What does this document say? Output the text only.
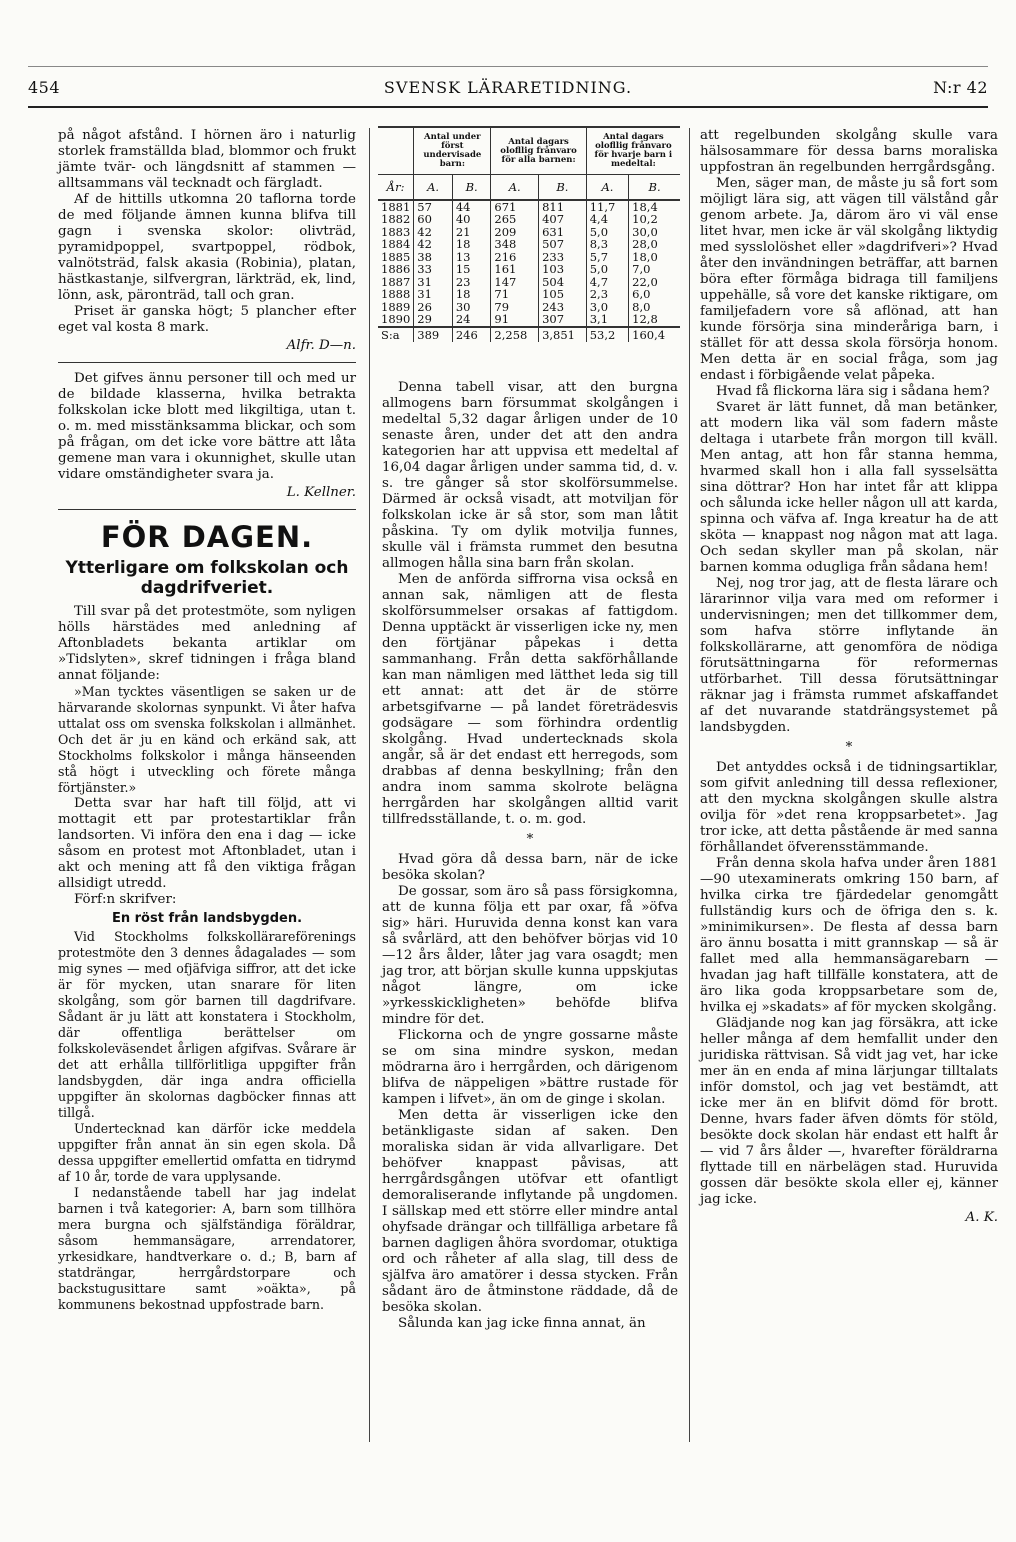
454	SVENSK LÄRARETIDNING.	N:r 42

på något afstånd. I hörnen äro i naturlig storlek framställda blad, blommor och frukt jämte tvär- och längdsnitt af stammen — alltsammans väl tecknadt och färgladt.

Af de hittills utkomna 20 taflorna torde de med följande ämnen kunna blifva till gagn i svenska skolor: olivträd, pyramidpoppel, svartpoppel, rödbok, valnötsträd, falsk akasia (Robinia), platan, hästkastanje, silfvergran, lärkträd, ek, lind, lönn, ask, päronträd, tall och gran.

Priset är ganska högt; 5 plancher efter eget val kosta 8 mark.

Alfr. D—n.

Det gifves ännu personer till och med ur de bildade klasserna, hvilka betrakta folkskolan icke blott med likgiltiga, utan t. o. m. med misstänksamma blickar, och som på frågan, om det icke vore bättre att låta gemene man vara i okunnighet, skulle utan vidare omständigheter svara ja.

L. Kellner.
FÖR DAGEN.
Ytterligare om folkskolan och dagdrifveriet.

Till svar på det protestmöte, som nyligen hölls härstädes med anledning af Aftonbladets bekanta artiklar om »Tidslyten», skref tidningen i fråga bland annat följande:

»Man tycktes väsentligen se saken ur de härvarande skolornas synpunkt. Vi åter hafva uttalat oss om svenska folkskolan i allmänhet. Och det är ju en känd och erkänd sak, att Stockholms folkskolor i många hänseenden stå högt i utveckling och förete många förtjänster.»

Detta svar har haft till följd, att vi mottagit ett par protestartiklar från landsorten. Vi införa den ena i dag — icke såsom en protest mot Aftonbladet, utan i akt och mening att få den viktiga frågan allsidigt utredd.

Förf:n skrifver:

En röst från landsbygden.

Vid Stockholms folkskollärareförenings protestmöte den 3 dennes ådagalades — som mig synes — med ofjäfviga siffror, att det icke är för mycken, utan snarare för liten skolgång, som gör barnen till dagdrifvare. Sådant är ju lätt att konstatera i Stockholm, där offentliga berättelser om folkskoleväsendet årligen afgifvas. Svårare är det att erhålla tillförlitliga uppgifter från landsbygden, där inga andra officiella uppgifter än skolornas dagböcker finnas att tillgå.

Undertecknad kan därför icke meddela uppgifter från annat än sin egen skola. Då dessa uppgifter emellertid omfatta en tidrymd af 10 år, torde de vara upplysande.

I nedanstående tabell har jag indelat barnen i två kategorier: A, barn som tillhöra mera burgna och själfständiga föräldrar, såsom hemmansägare, arrendatorer, yrkesidkare, handtverkare o. d.; B, barn af statdrängar, herrgårdstorpare och backstugusittare samt »oäkta», på kommunens bekostnad uppfostrade barn.

	Antal under först undervisade barn:		Antal dagars olofllig frånvaro för alla barnen:		Antal dagars olofllig frånvaro för hvarje barn i medeltal:	
År:	A.	B.	A.	B.	A.	B.
1881	57	44	671	811	11,7	18,4
1882	60	40	265	407	4,4	10,2
1883	42	21	209	631	5,0	30,0
1884	42	18	348	507	8,3	28,0
1885	38	13	216	233	5,7	18,0
1886	33	15	161	103	5,0	7,0
1887	31	23	147	504	4,7	22,0
1888	31	18	71	105	2,3	6,0
1889	26	30	79	243	3,0	8,0
1890	29	24	91	307	3,1	12,8
S:a	389	246	2,258	3,851	53,2	160,4

Denna tabell visar, att den burgna allmogens barn försummat skolgången i medeltal 5,32 dagar årligen under de 10 senaste åren, under det att den andra kategorien har att uppvisa ett medeltal af 16,04 dagar årligen under samma tid, d. v. s. tre gånger så stor skolförsummelse. Därmed är också visadt, att motviljan för folkskolan icke är så stor, som man låtit påskina. Ty om dylik motvilja funnes, skulle väl i främsta rummet den besutna allmogen hålla sina barn från skolan.

Men de anförda siffrorna visa också en annan sak, nämligen att de flesta skolförsummelser orsakas af fattigdom. Denna upptäckt är visserligen icke ny, men den förtjänar påpekas i detta sammanhang. Från detta sakförhållande kan man nämligen med lätthet leda sig till ett annat: att det är de större arbetsgifvarne — på landet företrädesvis godsägare — som förhindra ordentlig skolgång. Hvad undertecknads skola angår, så är det endast ett herregods, som drabbas af denna beskyllning; från den andra inom samma skolrote belägna herrgården har skolgången alltid varit tillfredsställande, t. o. m. god.

*

Hvad göra då dessa barn, när de icke besöka skolan?

De gossar, som äro så pass försigkomna, att de kunna följa ett par oxar, få »öfva sig» häri. Huruvida denna konst kan vara så svårlärd, att den behöfver börjas vid 10—12 års ålder, låter jag vara osagdt; men jag tror, att början skulle kunna uppskjutas något längre, om icke »yrkesskickligheten» behöfde blifva mindre för det.

Flickorna och de yngre gossarne måste se om sina mindre syskon, medan mödrarna äro i herrgården, och därigenom blifva de näppeligen »bättre rustade för kampen i lifvet», än om de ginge i skolan.

Men detta är visserligen icke den betänkligaste sidan af saken. Den moraliska sidan är vida allvarligare. Det behöfver knappast påvisas, att herrgårdsgången utöfvar ett ofantligt demoraliserande inflytande på ungdomen. I sällskap med ett större eller mindre antal ohyfsade drängar och tillfälliga arbetare få barnen dagligen åhöra svordomar, otuktiga ord och råheter af alla slag, till dess de själfva äro amatörer i dessa stycken. Från sådant äro de åtminstone räddade, då de besöka skolan.

Sålunda kan jag icke finna annat, än

att regelbunden skolgång skulle vara hälsosammare för dessa barns moraliska uppfostran än regelbunden herrgårdsgång.

Men, säger man, de måste ju så fort som möjligt lära sig, att vägen till välstånd går genom arbete. Ja, därom äro vi väl ense litet hvar, men icke är väl skolgång liktydig med sysslolöshet eller »dagdrifveri»? Hvad åter den invändningen beträffar, att barnen böra efter förmåga bidraga till familjens uppehälle, så vore det kanske riktigare, om familjefadern vore så aflönad, att han kunde försörja sina minderåriga barn, i stället för att dessa skola försörja honom. Men detta är en social fråga, som jag endast i förbigående velat påpeka.

Hvad få flickorna lära sig i sådana hem?

Svaret är lätt funnet, då man betänker, att modern lika väl som fadern måste deltaga i utarbete från morgon till kväll. Men antag, att hon får stanna hemma, hvarmed skall hon i alla fall sysselsätta sina döttrar? Hon har intet får att klippa och sålunda icke heller någon ull att karda, spinna och väfva af. Inga kreatur ha de att sköta — knappast nog någon mat att laga. Och sedan skyller man på skolan, när barnen komma odugliga från sådana hem!

Nej, nog tror jag, att de flesta lärare och lärarinnor vilja vara med om reformer i undervisningen; men det tillkommer dem, som hafva större inflytande än folkskollärarne, att genomföra de nödiga förutsättningarna för reformernas utförbarhet. Till dessa förutsättningar räknar jag i främsta rummet afskaffandet af det nuvarande statdrängsystemet på landsbygden.

*

Det antyddes också i de tidningsartiklar, som gifvit anledning till dessa reflexioner, att den myckna skolgången skulle alstra ovilja för »det rena kroppsarbetet». Jag tror icke, att detta påstående är med sanna förhållandet öfverensstämmande.

Från denna skola hafva under åren 1881—90 utexaminerats omkring 150 barn, af hvilka cirka tre fjärdedelar genomgått fullständig kurs och de öfriga den s. k. »minimikursen». De flesta af dessa barn äro ännu bosatta i mitt grannskap — så är fallet med alla hemmansägarebarn — hvadan jag haft tillfälle konstatera, att de äro lika goda kroppsarbetare som de, hvilka ej »skadats» af för mycken skolgång.

Glädjande nog kan jag försäkra, att icke heller många af dem hemfallit under den juridiska rättvisan. Så vidt jag vet, har icke mer än en enda af mina lärjungar tilltalats inför domstol, och jag vet bestämdt, att icke mer än en blifvit dömd för brott. Denne, hvars fader äfven dömts för stöld, besökte dock skolan här endast ett halft år — vid 7 års ålder —, hvarefter föräldrarna flyttade till en närbelägen stad. Huruvida gossen där besökte skola eller ej, känner jag icke.

A. K.
